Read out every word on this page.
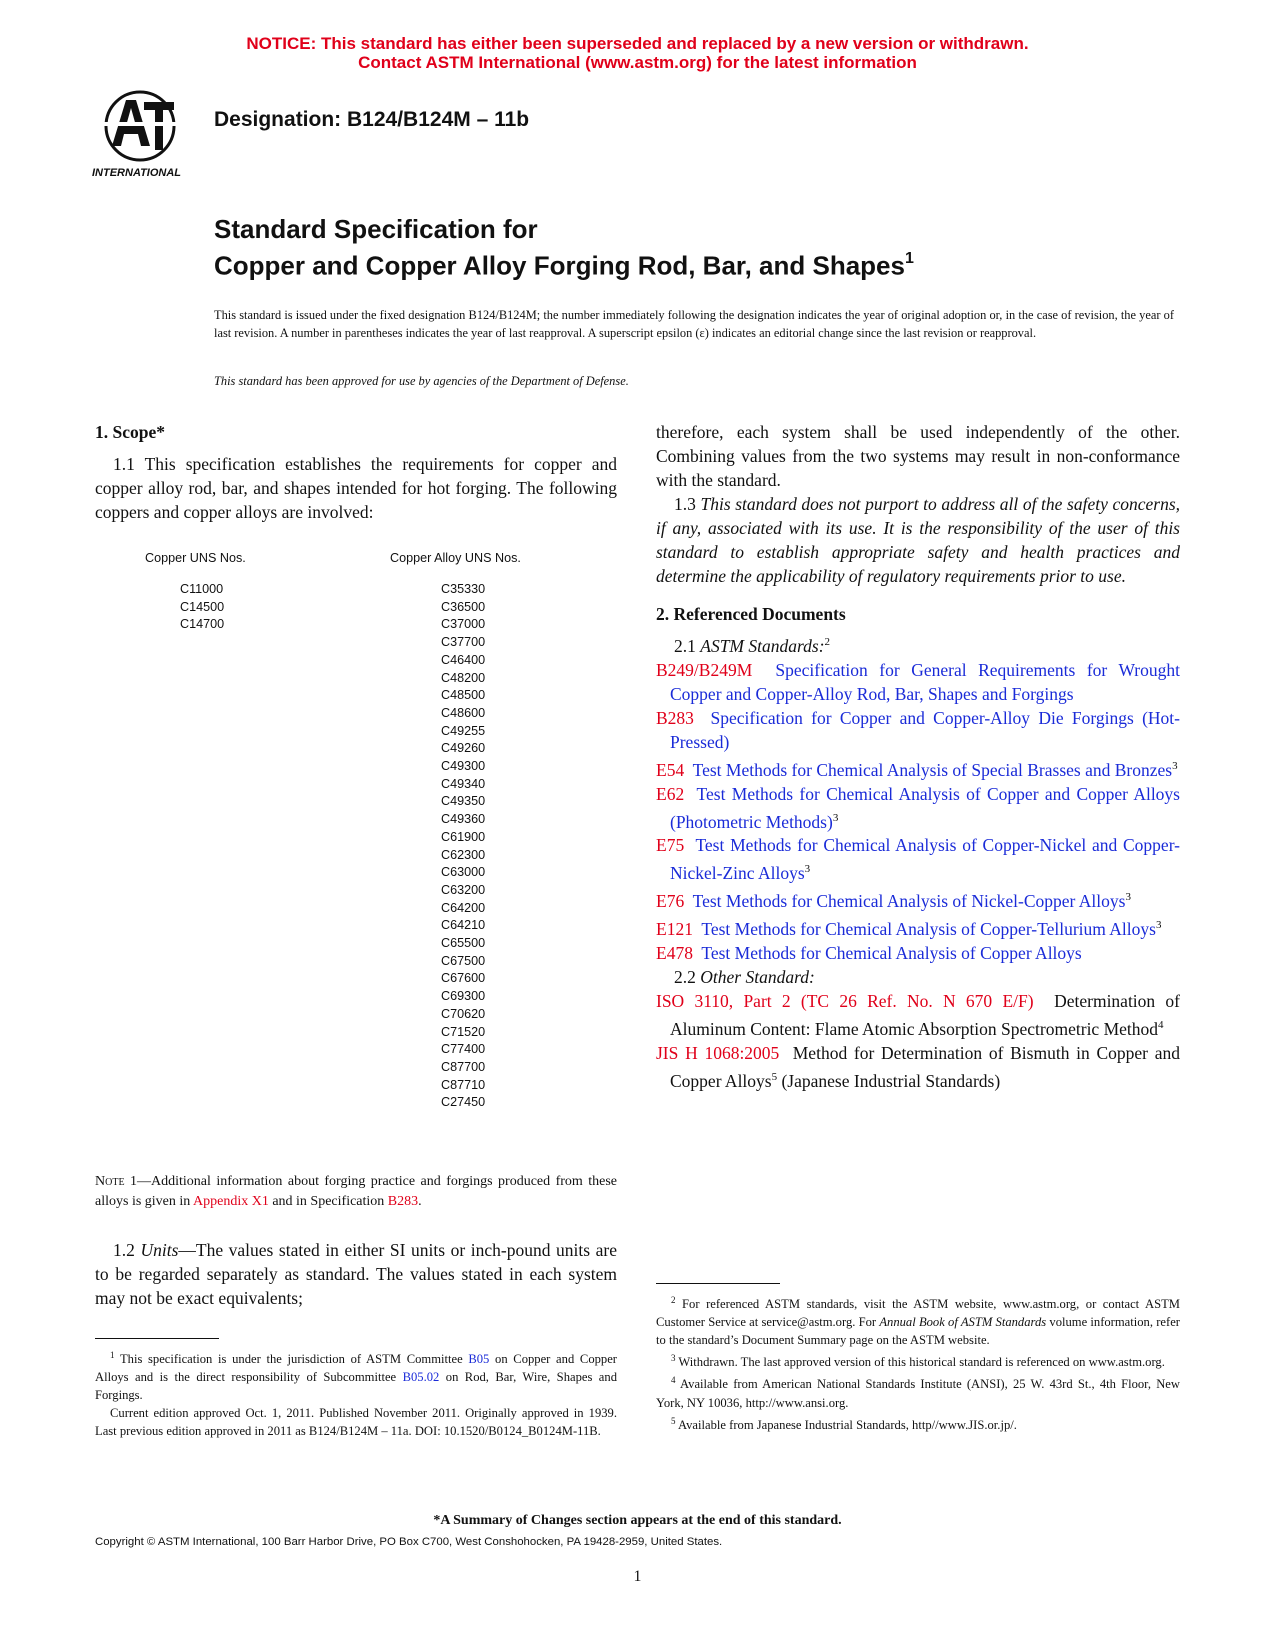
NOTICE: This standard has either been superseded and replaced by a new version or withdrawn.
Contact ASTM International (www.astm.org) for the latest information
INTERNATIONAL
Designation: B124/B124M – 11b
Standard Specification for
Copper and Copper Alloy Forging Rod, Bar, and Shapes$^1$
This standard is issued under the fixed designation B124/B124M; the number immediately following the designation indicates the year of original adoption or, in the case of revision, the year of last revision. A number in parentheses indicates the year of last reapproval. A superscript epsilon (ε) indicates an editorial change since the last revision or reapproval.
This standard has been approved for use by agencies of the Department of Defense.

1. Scope*

1.1 This specification establishes the requirements for copper and copper alloy rod, bar, and shapes intended for hot forging. The following coppers and copper alloys are involved:

Copper UNS Nos.	Copper Alloy UNS Nos.
C11000
C14500
C14700
C35330
C36500
C37000
C37700
C46400
C48200
C48500
C48600
C49255
C49260
C49300
C49340
C49350
C49360
C61900
C62300
C63000
C63200
C64200
C64210
C65500
C67500
C67600
C69300
C70620
C71520
C77400
C87700
C87710
C27450
Note 1—Additional information about forging practice and forgings produced from these alloys is given in Appendix X1 and in Specification B283.

1.2 Units—The values stated in either SI units or inch-pound units are to be regarded separately as standard. The values stated in each system may not be exact equivalents;

$^1$ This specification is under the jurisdiction of ASTM Committee B05 on Copper and Copper Alloys and is the direct responsibility of Subcommittee B05.02 on Rod, Bar, Wire, Shapes and Forgings.

Current edition approved Oct. 1, 2011. Published November 2011. Originally approved in 1939. Last previous edition approved in 2011 as B124/B124M – 11a. DOI: 10.1520/B0124_B0124M-11B.

therefore, each system shall be used independently of the other. Combining values from the two systems may result in non-conformance with the standard.

1.3 This standard does not purport to address all of the safety concerns, if any, associated with its use. It is the responsibility of the user of this standard to establish appropriate safety and health practices and determine the applicability of regulatory requirements prior to use.

2. Referenced Documents

2.1 ASTM Standards:$^2$

B249/B249M Specification for General Requirements for Wrought Copper and Copper-Alloy Rod, Bar, Shapes and Forgings

B283 Specification for Copper and Copper-Alloy Die Forgings (Hot-Pressed)

E54 Test Methods for Chemical Analysis of Special Brasses and Bronzes$^3$

E62 Test Methods for Chemical Analysis of Copper and Copper Alloys (Photometric Methods)$^3$

E75 Test Methods for Chemical Analysis of Copper-Nickel and Copper-Nickel-Zinc Alloys$^3$

E76 Test Methods for Chemical Analysis of Nickel-Copper Alloys$^3$

E121 Test Methods for Chemical Analysis of Copper-Tellurium Alloys$^3$

E478 Test Methods for Chemical Analysis of Copper Alloys

2.2 Other Standard:

ISO 3110, Part 2 (TC 26 Ref. No. N 670 E/F) Determination of Aluminum Content: Flame Atomic Absorption Spectrometric Method$^4$

JIS H 1068:2005 Method for Determination of Bismuth in Copper and Copper Alloys$^5$ (Japanese Industrial Standards)

$^2$ For referenced ASTM standards, visit the ASTM website, www.astm.org, or contact ASTM Customer Service at service@astm.org. For Annual Book of ASTM Standards volume information, refer to the standard’s Document Summary page on the ASTM website.

$^3$ Withdrawn. The last approved version of this historical standard is referenced on www.astm.org.

$^4$ Available from American National Standards Institute (ANSI), 25 W. 43rd St., 4th Floor, New York, NY 10036, http://www.ansi.org.

$^5$ Available from Japanese Industrial Standards, http//www.JIS.or.jp/.

*A Summary of Changes section appears at the end of this standard.
Copyright © ASTM International, 100 Barr Harbor Drive, PO Box C700, West Conshohocken, PA 19428-2959, United States.
1
